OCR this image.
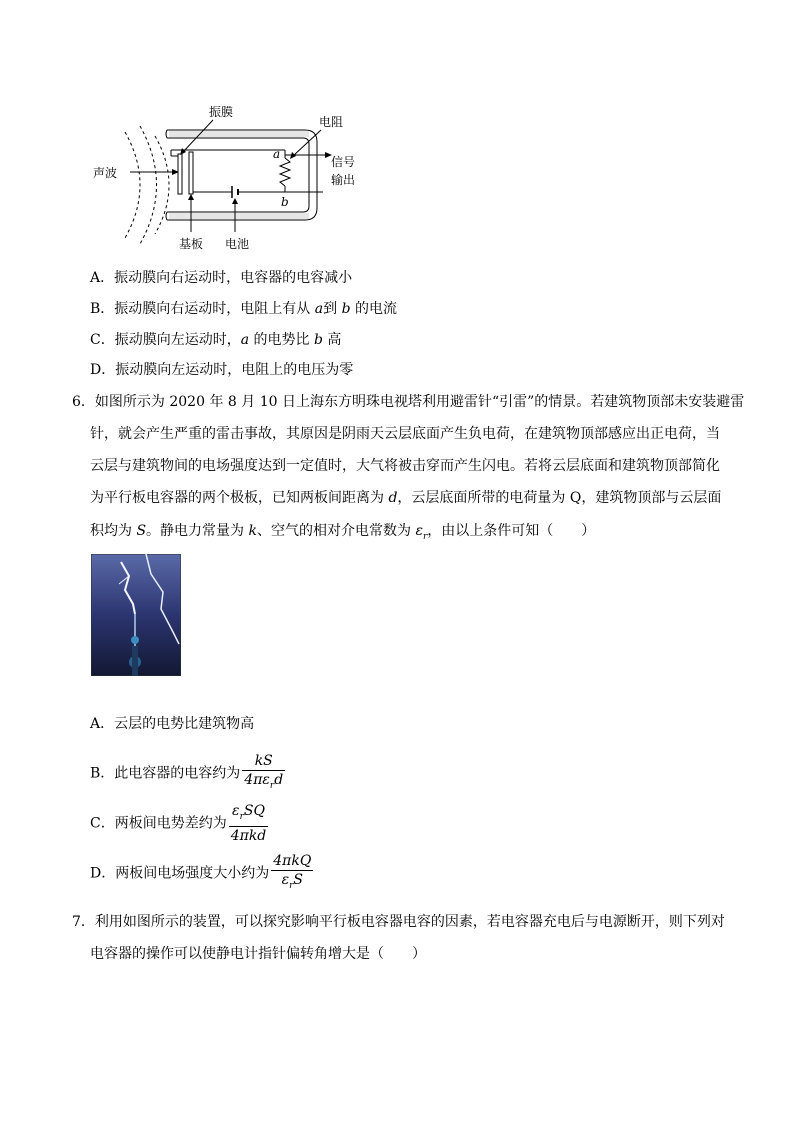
声波
信号
输出
a
b
振膜
电阻
基板 电池
A．振动膜向右运动时，电容器的电容减小
B．振动膜向右运动时，电阻上有从 a到 b 的电流
C．振动膜向左运动时，a 的电势比 b 高
D．振动膜向左运动时，电阻上的电压为零
6．如图所示为 2020 年 8 月 10 日上海东方明珠电视塔利用避雷针“引雷”的情景。若建筑物顶部未安装避雷
针，就会产生严重的雷击事故，其原因是阴雨天云层底面产生负电荷，在建筑物顶部感应出正电荷，当
云层与建筑物间的电场强度达到一定值时，大气将被击穿而产生闪电。若将云层底面和建筑物顶部简化
为平行板电容器的两个极板，已知两板间距离为 d，云层底面所带的电荷量为 Q，建筑物顶部与云层面
积均为 S。静电力常量为 k、空气的相对介电常数为 $\varepsilon_r$，由以上条件可知（　　）
A．云层的电势比建筑物高
B．此电容器的电容约为 $\frac{kS}{4\pi\varepsilon_rd}$
C．两板间电势差约为 $\frac{\varepsilon_rSQ}{\text{4πkd}}$
D．两板间电场强度大小约为 $\frac{\text{4πkQ}}{\varepsilon_rS}$
7．利用如图所示的装置，可以探究影响平行板电容器电容的因素，若电容器充电后与电源断开，则下列对
电容器的操作可以使静电计指针偏转角增大是（　　）
